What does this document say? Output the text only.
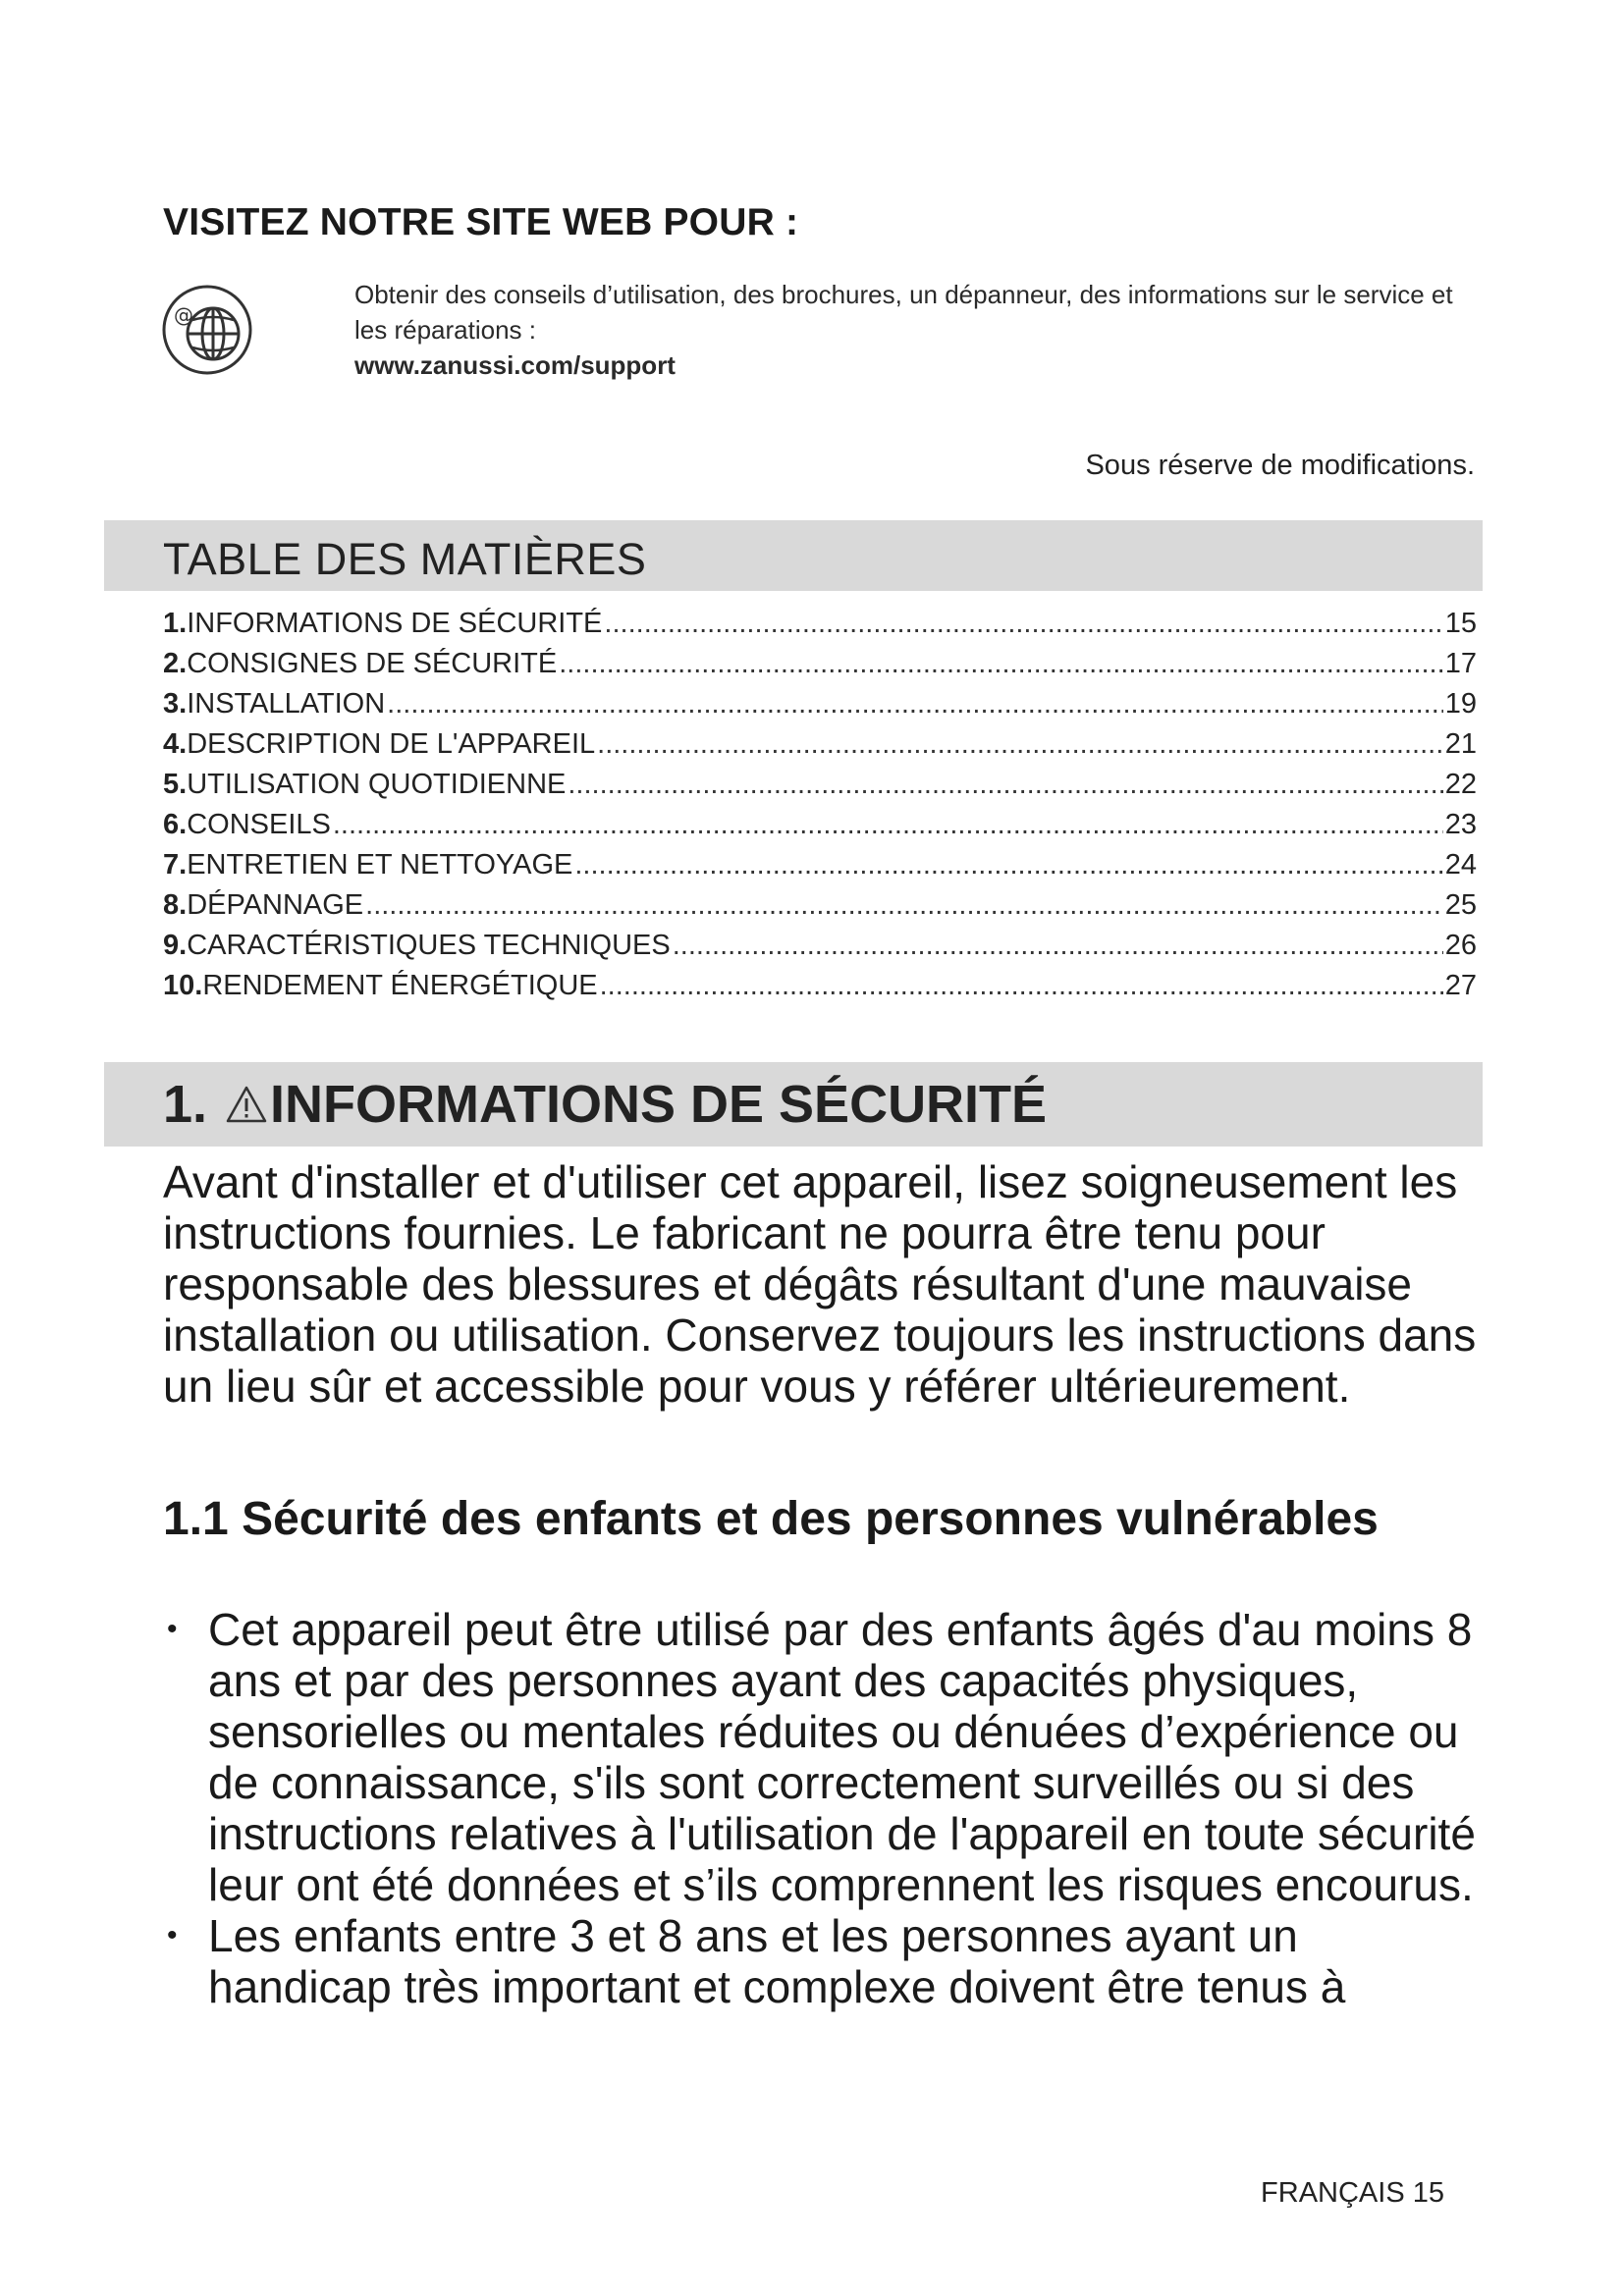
VISITEZ NOTRE SITE WEB POUR :
@
Obtenir des conseils d’utilisation, des brochures, un dépanneur, des informations sur le service et les réparations :
www.zanussi.com/support
Sous réserve de modifications.
TABLE DES MATIÈRES
1. INFORMATIONS DE SÉCURITÉ .....	15
2. CONSIGNES DE SÉCURITÉ .....	17
3. INSTALLATION .....	19
4. DESCRIPTION DE L'APPAREIL .....	21
5. UTILISATION QUOTIDIENNE .....	22
6. CONSEILS .....	23
7. ENTRETIEN ET NETTOYAGE .....	24
8. DÉPANNAGE .....	25
9. CARACTÉRISTIQUES TECHNIQUES .....	26
10. RENDEMENT ÉNERGÉTIQUE .....	27
1. INFORMATIONS DE SÉCURITÉ

Avant d'installer et d'utiliser cet appareil, lisez soigneusement les instructions fournies. Le fabricant ne pourra être tenu pour responsable des blessures et dégâts résultant d'une mauvaise installation ou utilisation. Conservez toujours les instructions dans un lieu sûr et accessible pour vous y référer ultérieurement.

1.1 Sécurité des enfants et des personnes vulnérables
• Cet appareil peut être utilisé par des enfants âgés d'au moins 8 ans et par des personnes ayant des capacités physiques, sensorielles ou mentales réduites ou dénuées d’expérience ou de connaissance, s'ils sont correctement surveillés ou si des instructions relatives à l'utilisation de l'appareil en toute sécurité leur ont été données et s’ils comprennent les risques encourus.
• Les enfants entre 3 et 8 ans et les personnes ayant un handicap très important et complexe doivent être tenus à
FRANÇAIS 15
